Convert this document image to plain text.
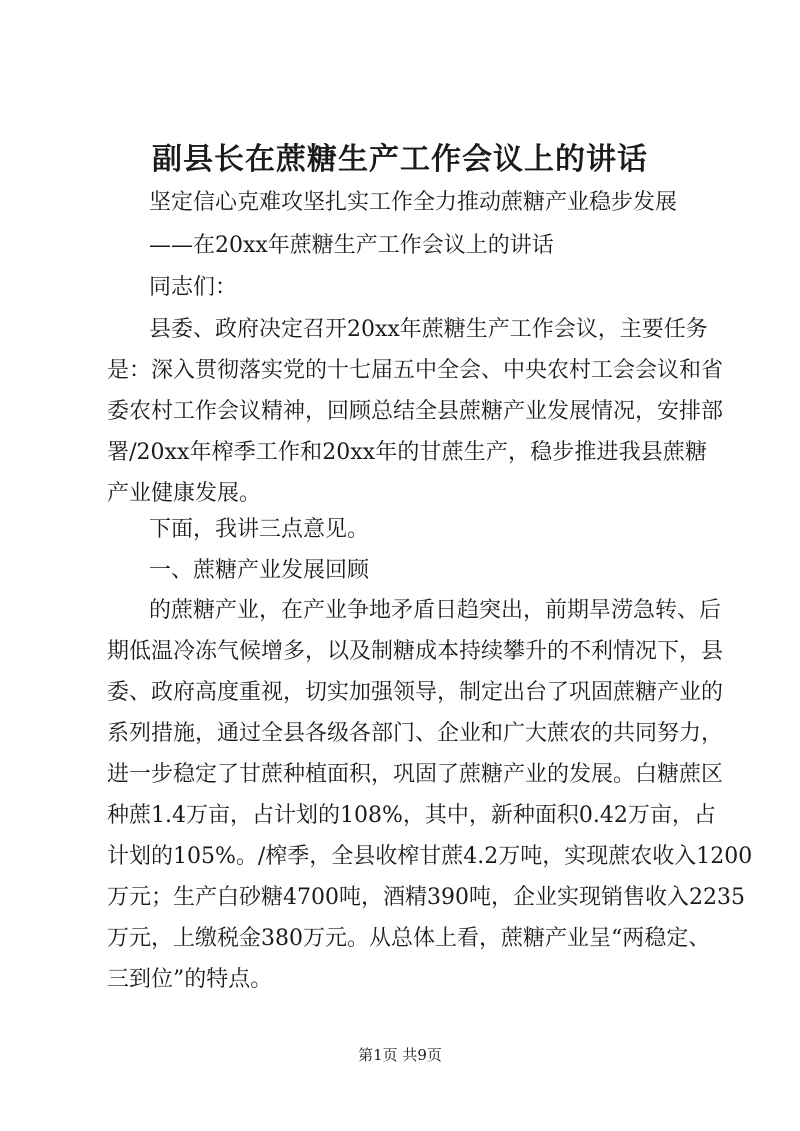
副县长在蔗糖生产工作会议上的讲话
坚定信心克难攻坚扎实工作全力推动蔗糖产业稳步发展
——在20xx年蔗糖生产工作会议上的讲话
同志们：
县委、政府决定召开20xx年蔗糖生产工作会议，主要任务
是：深入贯彻落实党的十七届五中全会、中央农村工会会议和省
委农村工作会议精神，回顾总结全县蔗糖产业发展情况，安排部
署/20xx年榨季工作和20xx年的甘蔗生产，稳步推进我县蔗糖
产业健康发展。
下面，我讲三点意见。
一、蔗糖产业发展回顾
的蔗糖产业，在产业争地矛盾日趋突出，前期旱涝急转、后
期低温冷冻气候增多，以及制糖成本持续攀升的不利情况下，县
委、政府高度重视，切实加强领导，制定出台了巩固蔗糖产业的
系列措施，通过全县各级各部门、企业和广大蔗农的共同努力，
进一步稳定了甘蔗种植面积，巩固了蔗糖产业的发展。白糖蔗区
种蔗1.4万亩，占计划的108%，其中，新种面积0.42万亩，占
计划的105%。/榨季，全县收榨甘蔗4.2万吨，实现蔗农收入1200
万元；生产白砂糖4700吨，酒精390吨，企业实现销售收入2235
万元，上缴税金380万元。从总体上看，蔗糖产业呈“两稳定、
三到位”的特点。
第1页 共9页
